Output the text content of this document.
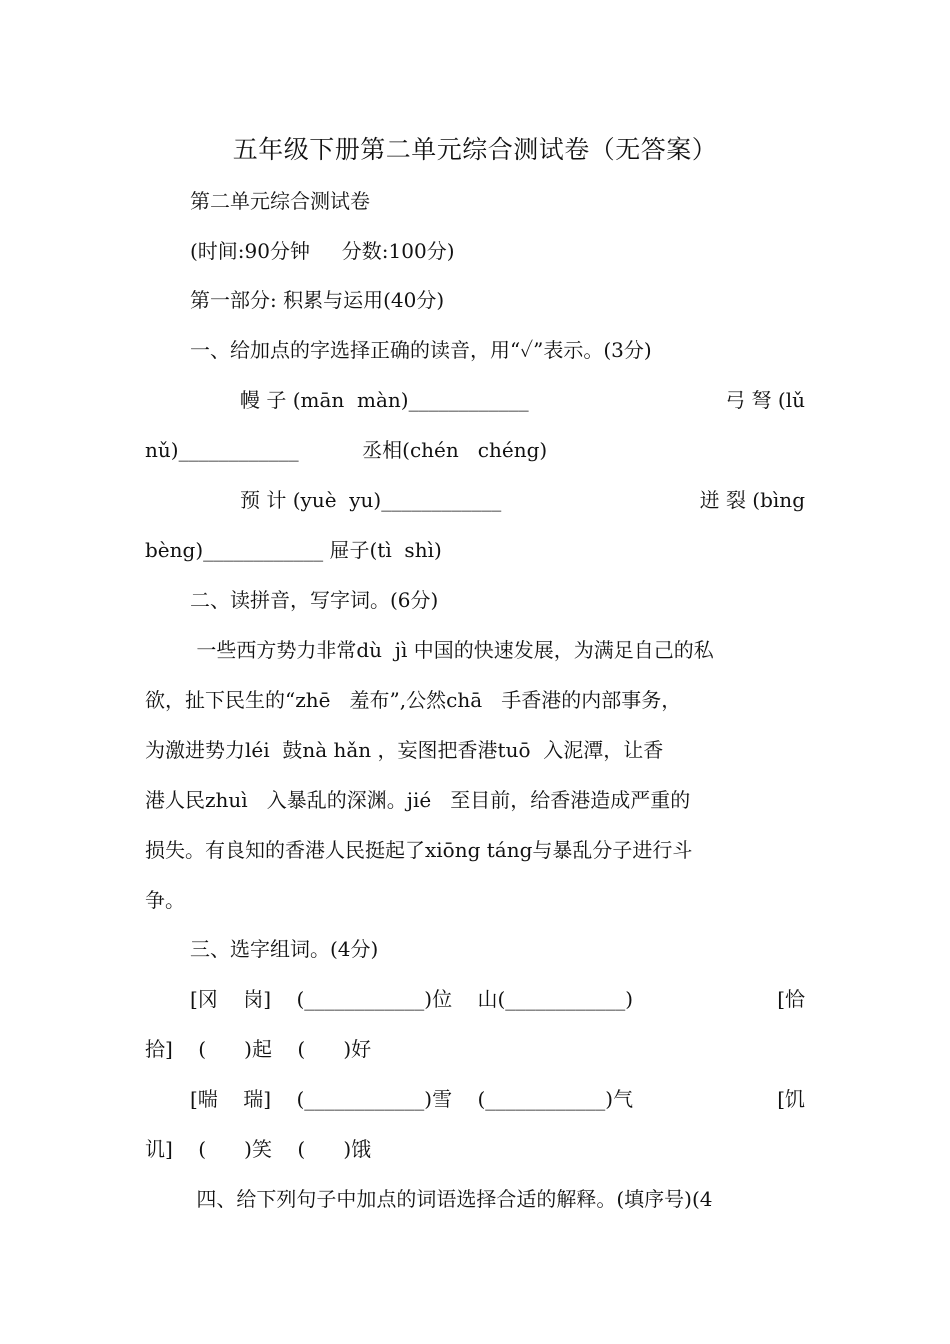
五年级下册第二单元综合测试卷（无答案）
第二单元综合测试卷
(时间:90分钟     分数:100分)
第一部分: 积累与运用(40分)
一、给加点的字选择正确的读音，用“✓”表示。(3分)
幔 子 (mān  màn)____________	弓 弩 (lǔ
nǔ)____________          丞相(chén   chéng)
预 计 (yuè  yu)____________	迸 裂 (bìng
bèng)____________ 屉子(tì  shì)
二、读拼音，写字词。(6分)
一些西方势力非常dù  jì 中国的快速发展，为满足自己的私
欲，扯下民生的“zhē   羞布”,公然chā   手香港的内部事务，
为激进势力léi  鼓nà hǎn ，妄图把香港tuō  入泥潭，让香
港人民zhuì   入暴乱的深渊。jié   至目前，给香港造成严重的
损失。有良知的香港人民挺起了xiōng táng与暴乱分子进行斗
争。
三、选字组词。(4分)
[冈    岗]    (____________)位    山(____________)	[恰
拾]    (      )起    (      )好
[喘    瑞]    (____________)雪    (____________)气	[饥
讥]    (      )笑    (      )饿
四、给下列句子中加点的词语选择合适的解释。(填序号)(4
